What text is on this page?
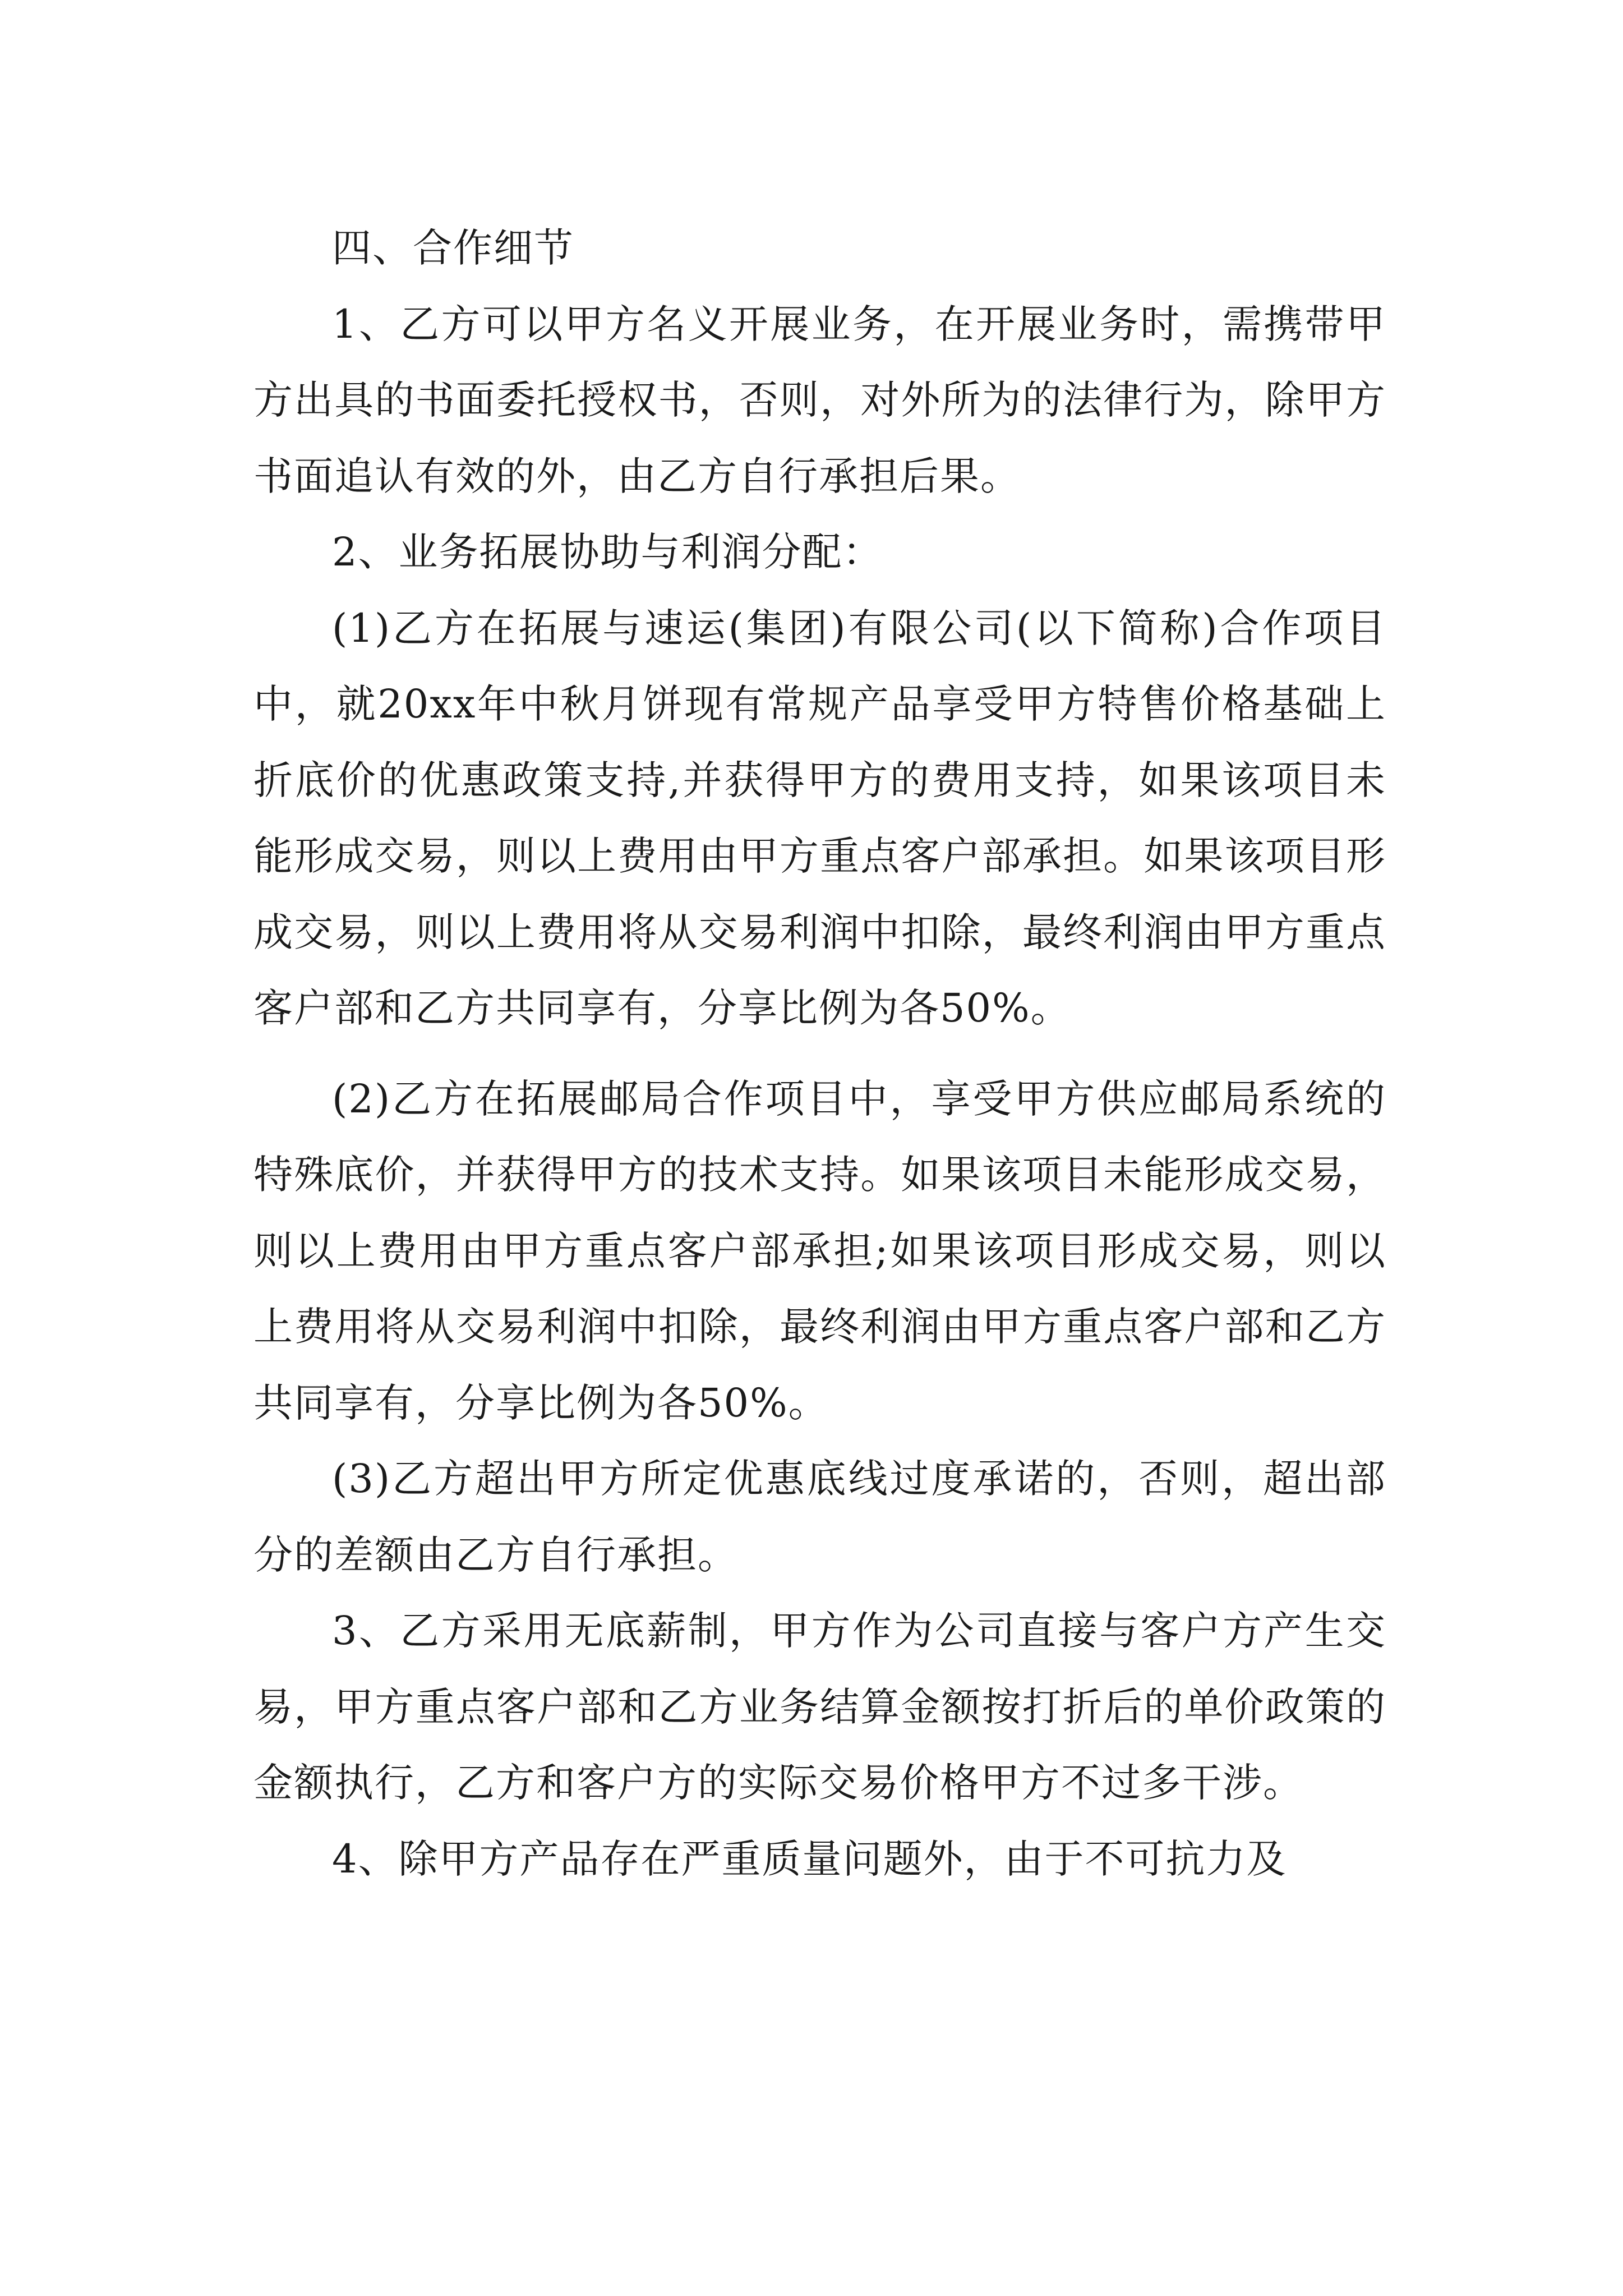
四、合作细节

1、乙方可以甲方名义开展业务，在开展业务时，需携带甲方出具的书面委托授权书，否则，对外所为的法律行为，除甲方书面追认有效的外，由乙方自行承担后果。

2、业务拓展协助与利润分配：

(1)乙方在拓展与速运(集团)有限公司(以下简称)合作项目中，就20xx年中秋月饼现有常规产品享受甲方特售价格基础上　折底价的优惠政策支持,并获得甲方的费用支持，如果该项目未能形成交易，则以上费用由甲方重点客户部承担。如果该项目形成交易，则以上费用将从交易利润中扣除，最终利润由甲方重点客户部和乙方共同享有，分享比例为各50%。

(2)乙方在拓展邮局合作项目中，享受甲方供应邮局系统的特殊底价，并获得甲方的技术支持。如果该项目未能形成交易，则以上费用由甲方重点客户部承担;如果该项目形成交易，则以上费用将从交易利润中扣除，最终利润由甲方重点客户部和乙方共同享有，分享比例为各50%。

(3)乙方超出甲方所定优惠底线过度承诺的，否则，超出部分的差额由乙方自行承担。

3、乙方采用无底薪制，甲方作为公司直接与客户方产生交易，甲方重点客户部和乙方业务结算金额按打折后的单价政策的金额执行，乙方和客户方的实际交易价格甲方不过多干涉。

4、除甲方产品存在严重质量问题外，由于不可抗力及
